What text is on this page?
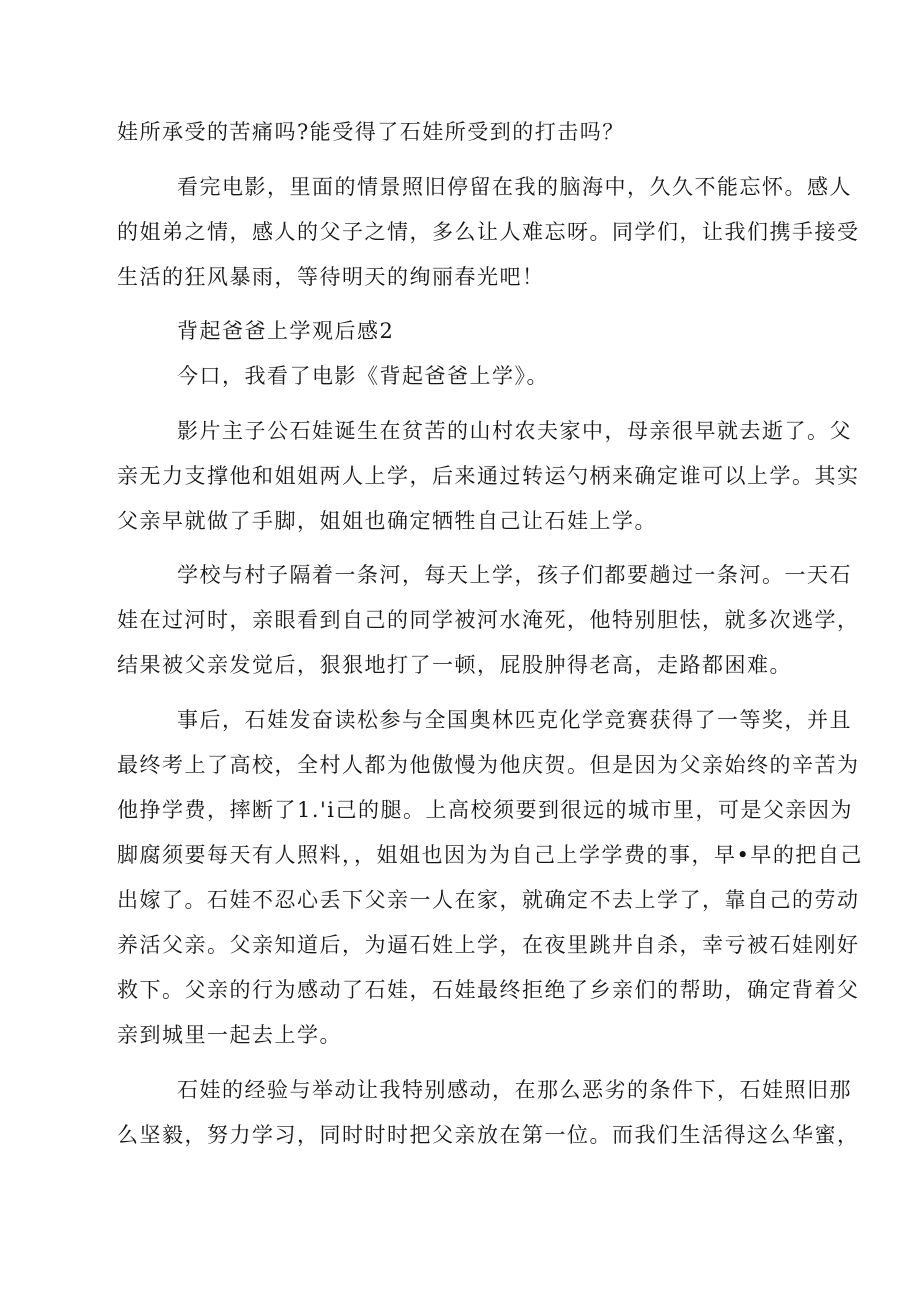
娃所承受的苦痛吗?能受得了石娃所受到的打击吗？
看完电影，里面的情景照旧停留在我的脑海中，久久不能忘怀。感人
的姐弟之情，感人的父子之情，多么让人难忘呀。同学们，让我们携手接受
生活的狂风暴雨，等待明天的绚丽春光吧！
背起爸爸上学观后感2
今口，我看了电影《背起爸爸上学》。
影片主子公石娃诞生在贫苦的山村农夫家中，母亲很早就去逝了。父
亲无力支撑他和姐姐两人上学，后来通过转运勺柄来确定谁可以上学。其实
父亲早就做了手脚，姐姐也确定牺牲自己让石娃上学。
学校与村子隔着一条河，每天上学，孩子们都要趟过一条河。一天石
娃在过河时，亲眼看到自己的同学被河水淹死，他特别胆怯，就多次逃学，
结果被父亲发觉后，狠狠地打了一顿，屁股肿得老高，走路都困难。
事后，石娃发奋读松参与全国奥林匹克化学竞赛获得了一等奖，并且
最终考上了高校，全村人都为他傲慢为他庆贺。但是因为父亲始终的辛苦为
他挣学费，摔断了1.'i己的腿。上高校须要到很远的城市里，可是父亲因为
脚腐须要每天有人照料，，姐姐也因为为自己上学学费的事，早•早的把自己
出嫁了。石娃不忍心丢下父亲一人在家，就确定不去上学了，靠自己的劳动
养活父亲。父亲知道后，为逼石姓上学，在夜里跳井自杀，幸亏被石娃刚好
救下。父亲的行为感动了石娃，石娃最终拒绝了乡亲们的帮助，确定背着父
亲到城里一起去上学。
石娃的经验与举动让我特别感动，在那么恶劣的条件下，石娃照旧那
么坚毅，努力学习，同时时时把父亲放在第一位。而我们生活得这么华蜜，
